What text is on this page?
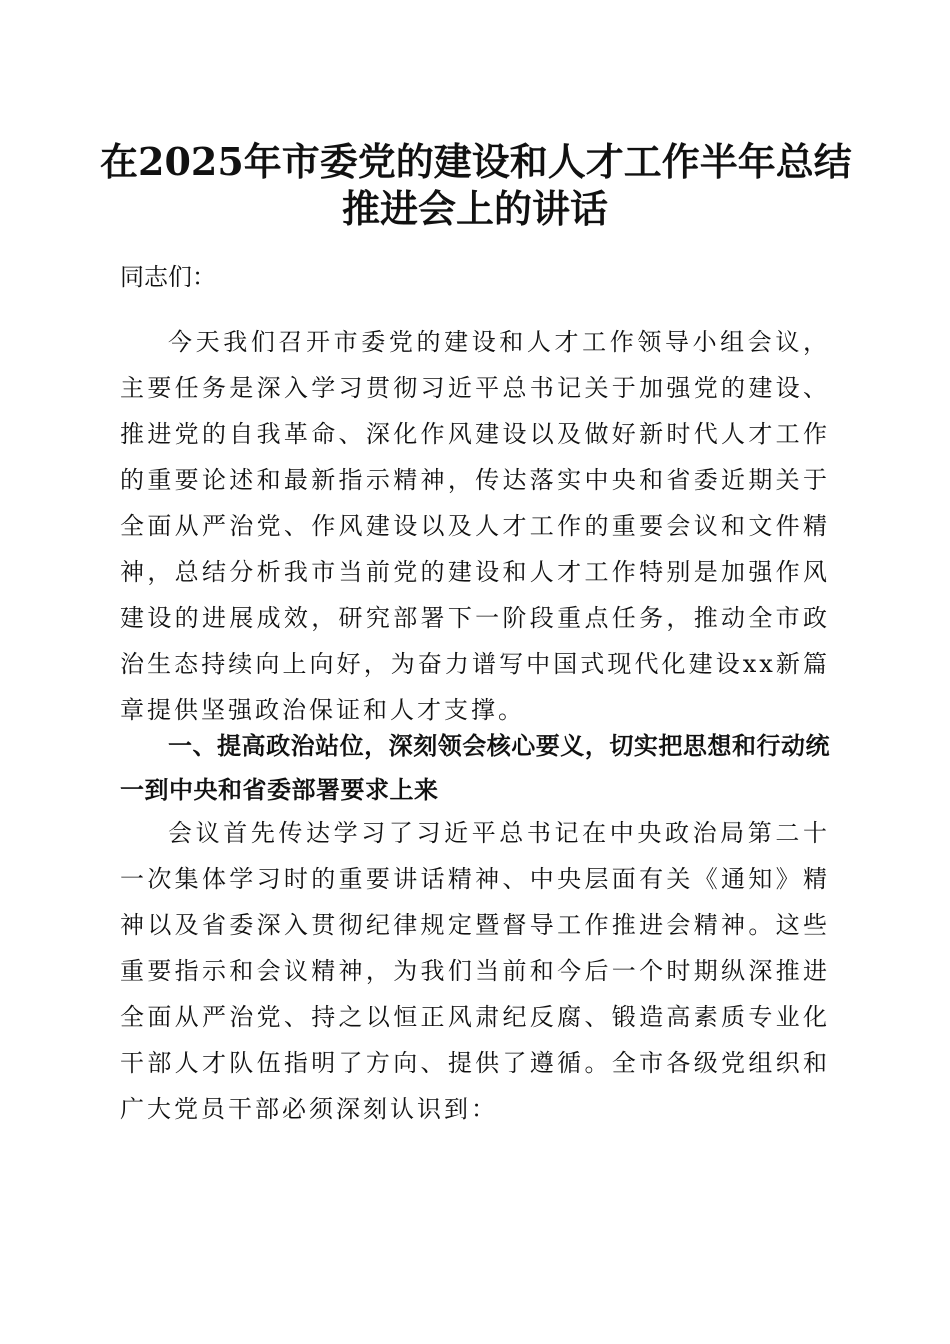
在2025年市委党的建设和人才工作半年总结
推进会上的讲话

同志们：

今天我们召开市委党的建设和人才工作领导小组会议，主要任务是深入学习贯彻习近平总书记关于加强党的建设、推进党的自我革命、深化作风建设以及做好新时代人才工作的重要论述和最新指示精神，传达落实中央和省委近期关于全面从严治党、作风建设以及人才工作的重要会议和文件精神，总结分析我市当前党的建设和人才工作特别是加强作风建设的进展成效，研究部署下一阶段重点任务，推动全市政治生态持续向上向好，为奋力谱写中国式现代化建设xx新篇章提供坚强政治保证和人才支撑。

一、提高政治站位，深刻领会核心要义，切实把思想和行动统一到中央和省委部署要求上来

会议首先传达学习了习近平总书记在中央政治局第二十一次集体学习时的重要讲话精神、中央层面有关《通知》精神以及省委深入贯彻纪律规定暨督导工作推进会精神。这些重要指示和会议精神，为我们当前和今后一个时期纵深推进全面从严治党、持之以恒正风肃纪反腐、锻造高素质专业化干部人才队伍指明了方向、提供了遵循。全市各级党组织和广大党员干部必须深刻认识到：
